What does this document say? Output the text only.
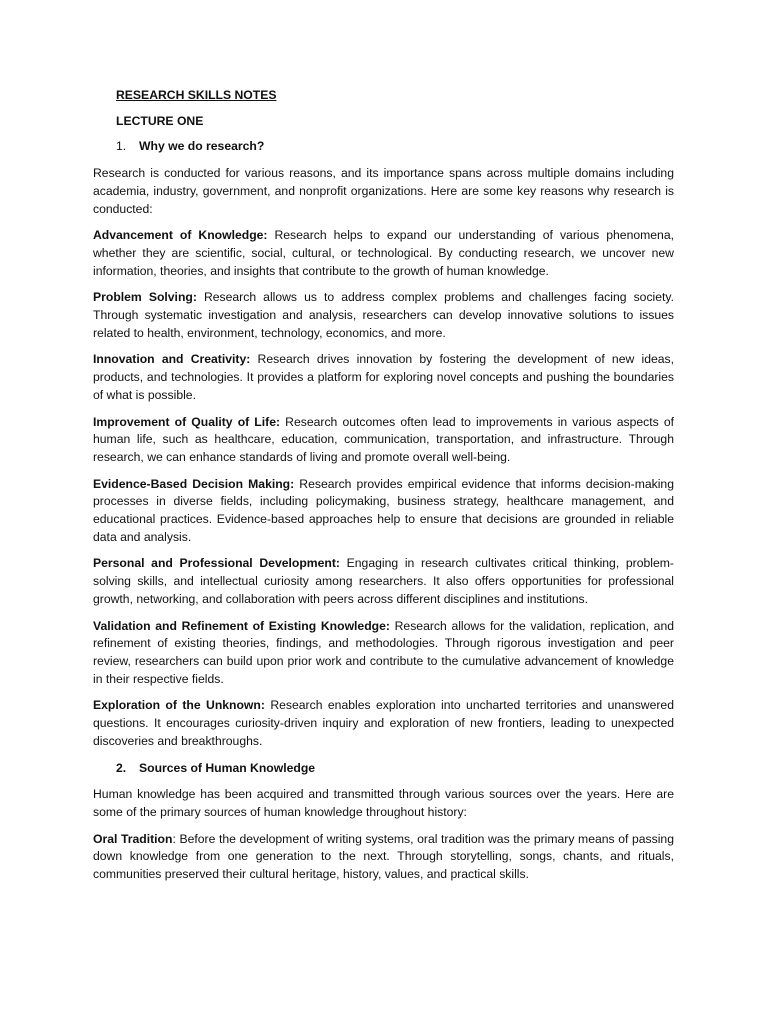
RESEARCH SKILLS NOTES
LECTURE ONE
1.	Why we do research?

Research is conducted for various reasons, and its importance spans across multiple domains including academia, industry, government, and nonprofit organizations. Here are some key reasons why research is conducted:

Advancement of Knowledge: Research helps to expand our understanding of various phenomena, whether they are scientific, social, cultural, or technological. By conducting research, we uncover new information, theories, and insights that contribute to the growth of human knowledge.

Problem Solving: Research allows us to address complex problems and challenges facing society. Through systematic investigation and analysis, researchers can develop innovative solutions to issues related to health, environment, technology, economics, and more.

Innovation and Creativity: Research drives innovation by fostering the development of new ideas, products, and technologies. It provides a platform for exploring novel concepts and pushing the boundaries of what is possible.

Improvement of Quality of Life: Research outcomes often lead to improvements in various aspects of human life, such as healthcare, education, communication, transportation, and infrastructure. Through research, we can enhance standards of living and promote overall well-being.

Evidence-Based Decision Making: Research provides empirical evidence that informs decision-making processes in diverse fields, including policymaking, business strategy, healthcare management, and educational practices. Evidence-based approaches help to ensure that decisions are grounded in reliable data and analysis.

Personal and Professional Development: Engaging in research cultivates critical thinking, problem-solving skills, and intellectual curiosity among researchers. It also offers opportunities for professional growth, networking, and collaboration with peers across different disciplines and institutions.

Validation and Refinement of Existing Knowledge: Research allows for the validation, replication, and refinement of existing theories, findings, and methodologies. Through rigorous investigation and peer review, researchers can build upon prior work and contribute to the cumulative advancement of knowledge in their respective fields.

Exploration of the Unknown: Research enables exploration into uncharted territories and unanswered questions. It encourages curiosity-driven inquiry and exploration of new frontiers, leading to unexpected discoveries and breakthroughs.

2.	Sources of Human Knowledge

Human knowledge has been acquired and transmitted through various sources over the years. Here are some of the primary sources of human knowledge throughout history:

Oral Tradition: Before the development of writing systems, oral tradition was the primary means of passing down knowledge from one generation to the next. Through storytelling, songs, chants, and rituals, communities preserved their cultural heritage, history, values, and practical skills.
